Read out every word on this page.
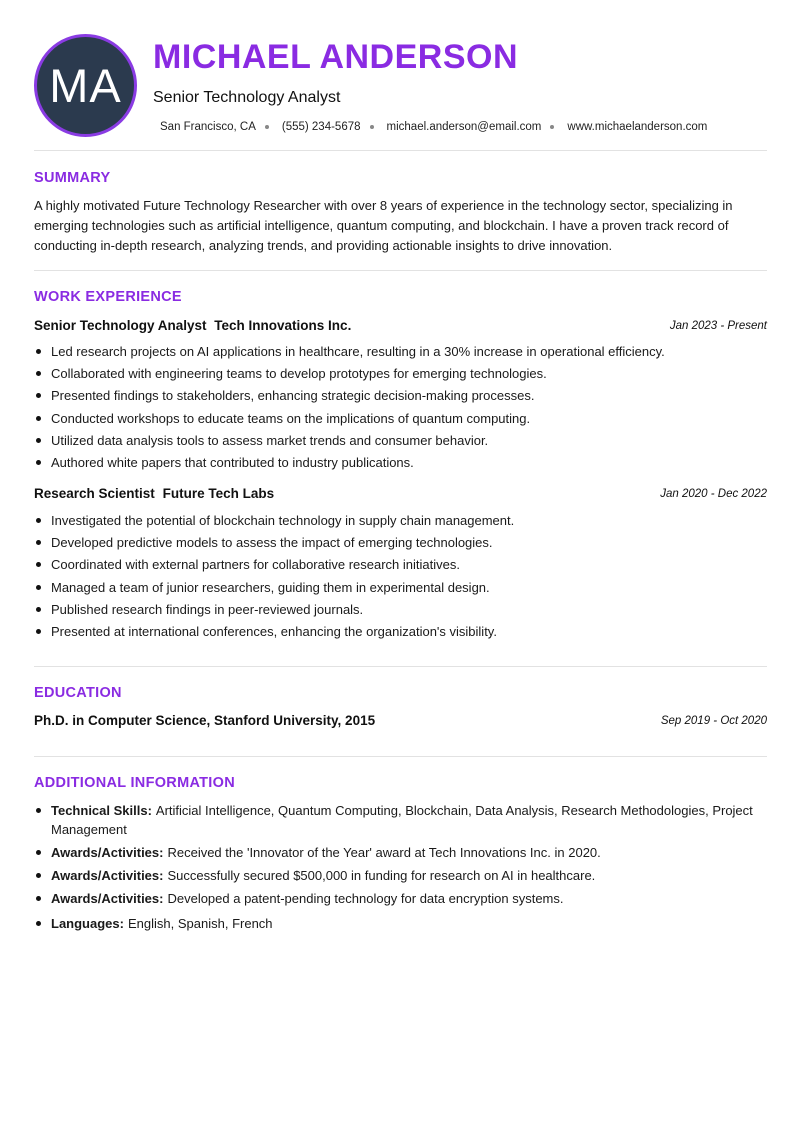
MA
MICHAEL ANDERSON
Senior Technology Analyst
San Francisco, CA (555) 234-5678 michael.anderson@email.com www.michaelanderson.com
SUMMARY
A highly motivated Future Technology Researcher with over 8 years of experience in the technology sector, specializing in emerging technologies such as artificial intelligence, quantum computing, and blockchain. I have a proven track record of conducting in-depth research, analyzing trends, and providing actionable insights to drive innovation.
WORK EXPERIENCE
Senior Technology Analyst Tech Innovations Inc.	Jan 2023 - Present
Led research projects on AI applications in healthcare, resulting in a 30% increase in operational efficiency.
Collaborated with engineering teams to develop prototypes for emerging technologies.
Presented findings to stakeholders, enhancing strategic decision-making processes.
Conducted workshops to educate teams on the implications of quantum computing.
Utilized data analysis tools to assess market trends and consumer behavior.
Authored white papers that contributed to industry publications.
Research Scientist Future Tech Labs	Jan 2020 - Dec 2022
Investigated the potential of blockchain technology in supply chain management.
Developed predictive models to assess the impact of emerging technologies.
Coordinated with external partners for collaborative research initiatives.
Managed a team of junior researchers, guiding them in experimental design.
Published research findings in peer-reviewed journals.
Presented at international conferences, enhancing the organization's visibility.
EDUCATION
Ph.D. in Computer Science, Stanford University, 2015	Sep 2019 - Oct 2020
ADDITIONAL INFORMATION
Technical Skills: Artificial Intelligence, Quantum Computing, Blockchain, Data Analysis, Research Methodologies, Project Management
Awards/Activities: Received the 'Innovator of the Year' award at Tech Innovations Inc. in 2020.
Awards/Activities: Successfully secured $500,000 in funding for research on AI in healthcare.
Awards/Activities: Developed a patent-pending technology for data encryption systems.
Languages: English , Spanish , French
